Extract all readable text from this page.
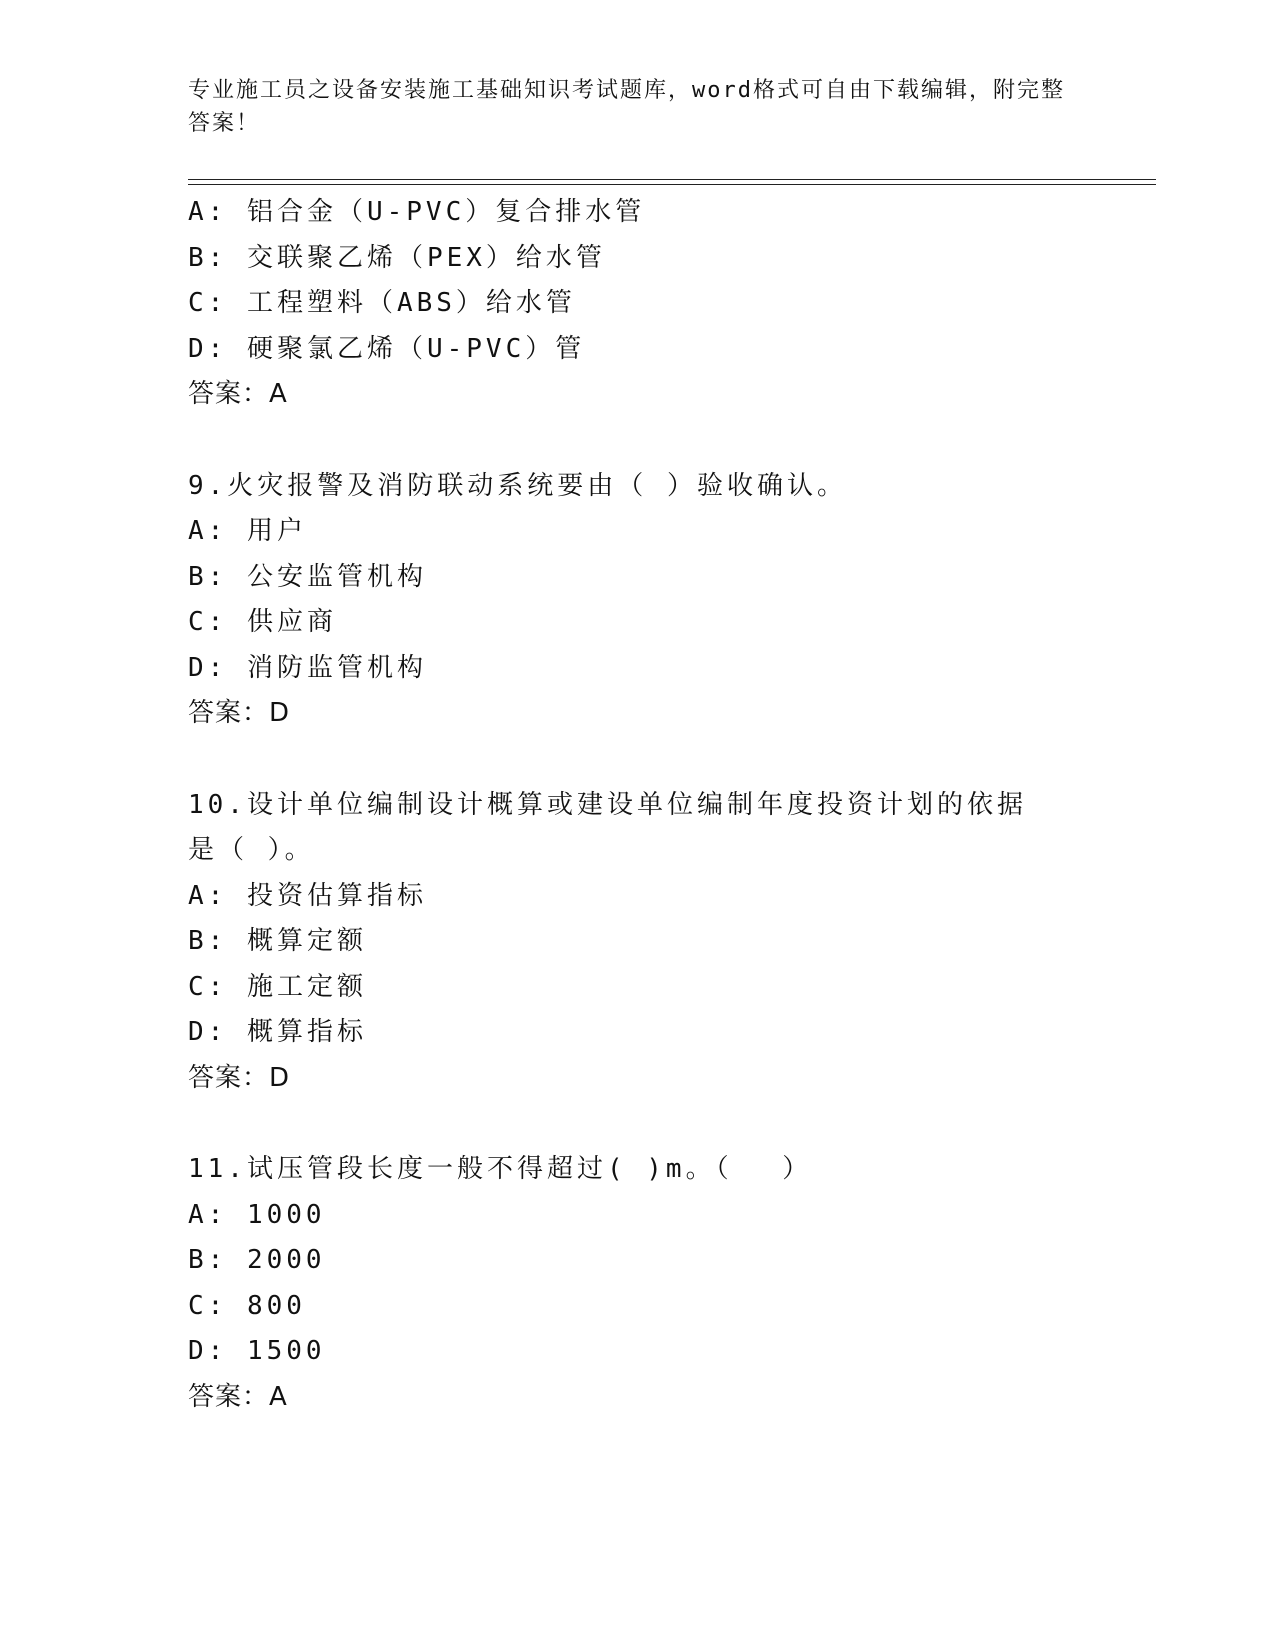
专业施工员之设备安装施工基础知识考试题库，word格式可自由下载编辑，附完整答案！
A: 铝合金（U-PVC）复合排水管
B: 交联聚乙烯（PEX）给水管
C: 工程塑料（ABS）给水管
D: 硬聚氯乙烯（U-PVC）管
答案：A
9.火灾报警及消防联动系统要由（ ）验收确认。
A: 用户
B: 公安监管机构
C: 供应商
D: 消防监管机构
答案：D
10.设计单位编制设计概算或建设单位编制年度投资计划的依据是（ ）。
A: 投资估算指标
B: 概算定额
C: 施工定额
D: 概算指标
答案：D
11.试压管段长度一般不得超过( )m。（　 ）
A: 1000
B: 2000
C: 800
D: 1500
答案：A
